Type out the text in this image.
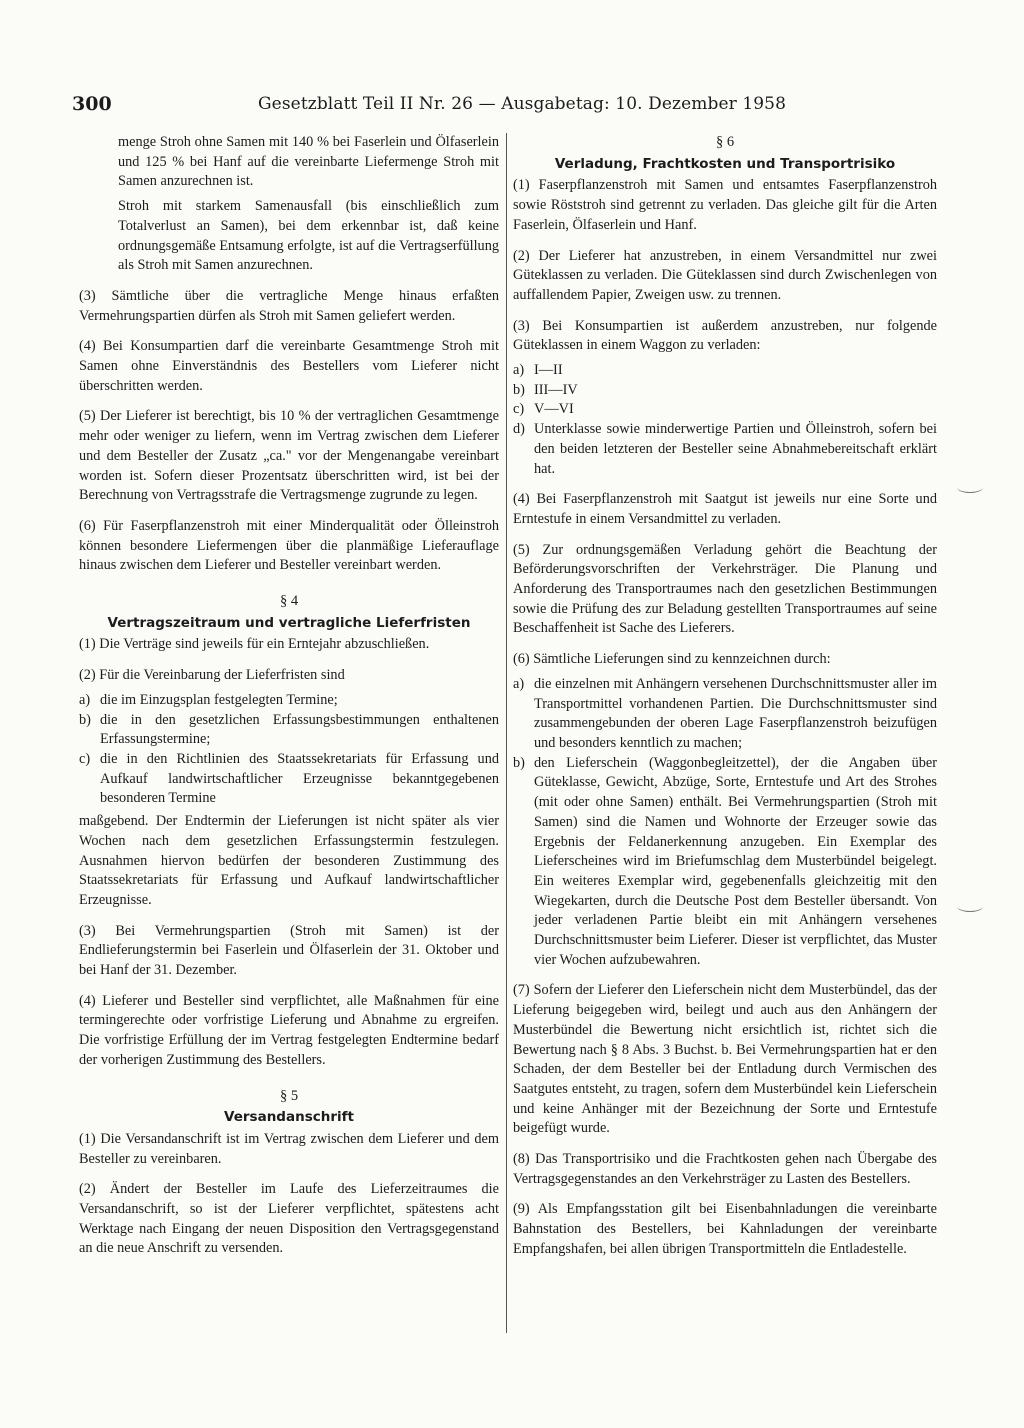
300	Gesetzblatt Teil II Nr. 26 — Ausgabetag: 10. Dezember 1958

menge Stroh ohne Samen mit 140 % bei Faserlein und Ölfaserlein und 125 % bei Hanf auf die vereinbarte Liefermenge Stroh mit Samen anzurechnen ist.

Stroh mit starkem Samenausfall (bis einschließlich zum Totalverlust an Samen), bei dem erkennbar ist, daß keine ordnungsgemäße Entsamung erfolgte, ist auf die Vertragserfüllung als Stroh mit Samen anzurechnen.

(3) Sämtliche über die vertragliche Menge hinaus erfaßten Vermehrungspartien dürfen als Stroh mit Samen geliefert werden.

(4) Bei Konsumpartien darf die vereinbarte Gesamtmenge Stroh mit Samen ohne Einverständnis des Bestellers vom Lieferer nicht überschritten werden.

(5) Der Lieferer ist berechtigt, bis 10 % der vertraglichen Gesamtmenge mehr oder weniger zu liefern, wenn im Vertrag zwischen dem Lieferer und dem Besteller der Zusatz „ca." vor der Mengenangabe vereinbart worden ist. Sofern dieser Prozentsatz überschritten wird, ist bei der Berechnung von Vertragsstrafe die Vertragsmenge zugrunde zu legen.

(6) Für Faserpflanzenstroh mit einer Minderqualität oder Ölleinstroh können besondere Liefermengen über die planmäßige Lieferauflage hinaus zwischen dem Lieferer und Besteller vereinbart werden.

§ 4
Vertragszeitraum und vertragliche Lieferfristen

(1) Die Verträge sind jeweils für ein Erntejahr abzuschließen.

(2) Für die Vereinbarung der Lieferfristen sind

a) die im Einzugsplan festgelegten Termine;
b) die in den gesetzlichen Erfassungsbestimmungen enthaltenen Erfassungstermine;
c) die in den Richtlinien des Staatssekretariats für Erfassung und Aufkauf landwirtschaftlicher Erzeugnisse bekanntgegebenen besonderen Termine

maßgebend. Der Endtermin der Lieferungen ist nicht später als vier Wochen nach dem gesetzlichen Erfassungstermin festzulegen. Ausnahmen hiervon bedürfen der besonderen Zustimmung des Staatssekretariats für Erfassung und Aufkauf landwirtschaftlicher Erzeugnisse.

(3) Bei Vermehrungspartien (Stroh mit Samen) ist der Endlieferungstermin bei Faserlein und Ölfaserlein der 31. Oktober und bei Hanf der 31. Dezember.

(4) Lieferer und Besteller sind verpflichtet, alle Maßnahmen für eine termingerechte oder vorfristige Lieferung und Abnahme zu ergreifen. Die vorfristige Erfüllung der im Vertrag festgelegten Endtermine bedarf der vorherigen Zustimmung des Bestellers.

§ 5
Versandanschrift

(1) Die Versandanschrift ist im Vertrag zwischen dem Lieferer und dem Besteller zu vereinbaren.

(2) Ändert der Besteller im Laufe des Lieferzeitraumes die Versandanschrift, so ist der Lieferer verpflichtet, spätestens acht Werktage nach Eingang der neuen Disposition den Vertragsgegenstand an die neue Anschrift zu versenden.

§ 6
Verladung, Frachtkosten und Transportrisiko

(1) Faserpflanzenstroh mit Samen und entsamtes Faserpflanzenstroh sowie Röststroh sind getrennt zu verladen. Das gleiche gilt für die Arten Faserlein, Ölfaserlein und Hanf.

(2) Der Lieferer hat anzustreben, in einem Versandmittel nur zwei Güteklassen zu verladen. Die Güteklassen sind durch Zwischenlegen von auffallendem Papier, Zweigen usw. zu trennen.

(3) Bei Konsumpartien ist außerdem anzustreben, nur folgende Güteklassen in einem Waggon zu verladen:

a) I—II
b) III—IV
c) V—VI
d) Unterklasse sowie minderwertige Partien und Ölleinstroh, sofern bei den beiden letzteren der Besteller seine Abnahmebereitschaft erklärt hat.

(4) Bei Faserpflanzenstroh mit Saatgut ist jeweils nur eine Sorte und Erntestufe in einem Versandmittel zu verladen.

(5) Zur ordnungsgemäßen Verladung gehört die Beachtung der Beförderungsvorschriften der Verkehrsträger. Die Planung und Anforderung des Transportraumes nach den gesetzlichen Bestimmungen sowie die Prüfung des zur Beladung gestellten Transportraumes auf seine Beschaffenheit ist Sache des Lieferers.

(6) Sämtliche Lieferungen sind zu kennzeichnen durch:

a) die einzelnen mit Anhängern versehenen Durchschnittsmuster aller im Transportmittel vorhandenen Partien. Die Durchschnittsmuster sind zusammengebunden der oberen Lage Faserpflanzenstroh beizufügen und besonders kenntlich zu machen;
b) den Lieferschein (Waggonbegleitzettel), der die Angaben über Güteklasse, Gewicht, Abzüge, Sorte, Erntestufe und Art des Strohes (mit oder ohne Samen) enthält. Bei Vermehrungspartien (Stroh mit Samen) sind die Namen und Wohnorte der Erzeuger sowie das Ergebnis der Feldanerkennung anzugeben. Ein Exemplar des Lieferscheines wird im Briefumschlag dem Musterbündel beigelegt. Ein weiteres Exemplar wird, gegebenenfalls gleichzeitig mit den Wiegekarten, durch die Deutsche Post dem Besteller übersandt. Von jeder verladenen Partie bleibt ein mit Anhängern versehenes Durchschnittsmuster beim Lieferer. Dieser ist verpflichtet, das Muster vier Wochen aufzubewahren.

(7) Sofern der Lieferer den Lieferschein nicht dem Musterbündel, das der Lieferung beigegeben wird, beilegt und auch aus den Anhängern der Musterbündel die Bewertung nicht ersichtlich ist, richtet sich die Bewertung nach § 8 Abs. 3 Buchst. b. Bei Vermehrungspartien hat er den Schaden, der dem Besteller bei der Entladung durch Vermischen des Saatgutes entsteht, zu tragen, sofern dem Musterbündel kein Lieferschein und keine Anhänger mit der Bezeichnung der Sorte und Erntestufe beigefügt wurde.

(8) Das Transportrisiko und die Frachtkosten gehen nach Übergabe des Vertragsgegenstandes an den Verkehrsträger zu Lasten des Bestellers.

(9) Als Empfangsstation gilt bei Eisenbahnladungen die vereinbarte Bahnstation des Bestellers, bei Kahnladungen der vereinbarte Empfangshafen, bei allen übrigen Transportmitteln die Entladestelle.
